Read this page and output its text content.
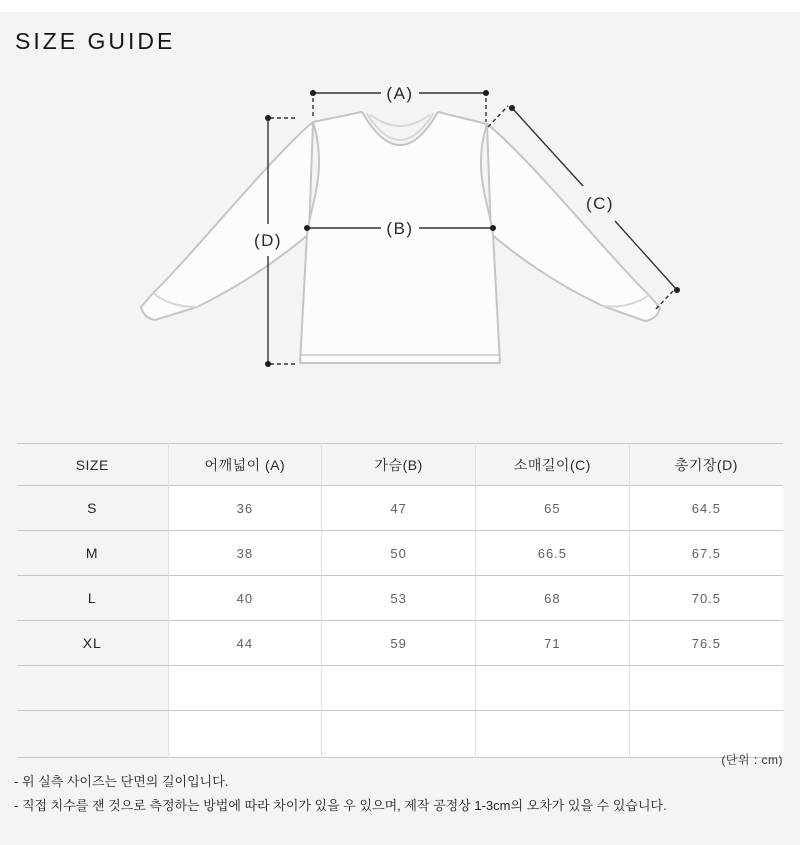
SIZE GUIDE
(A)
(B)
(C)
(D)
SIZE	어깨넓이 (A)	가슴(B)	소매길이(C)	총기장(D)
S	36	47	65	64.5
M	38	50	66.5	67.5
L	40	53	68	70.5
XL	44	59	71	76.5

(단위 : cm)
- 위 실측 사이즈는 단면의 길이입니다.
- 직접 치수를 잰 것으로 측정하는 방법에 따라 차이가 있을 우 있으며, 제작 공정상 1-3cm의 오차가 있을 수 있습니다.
